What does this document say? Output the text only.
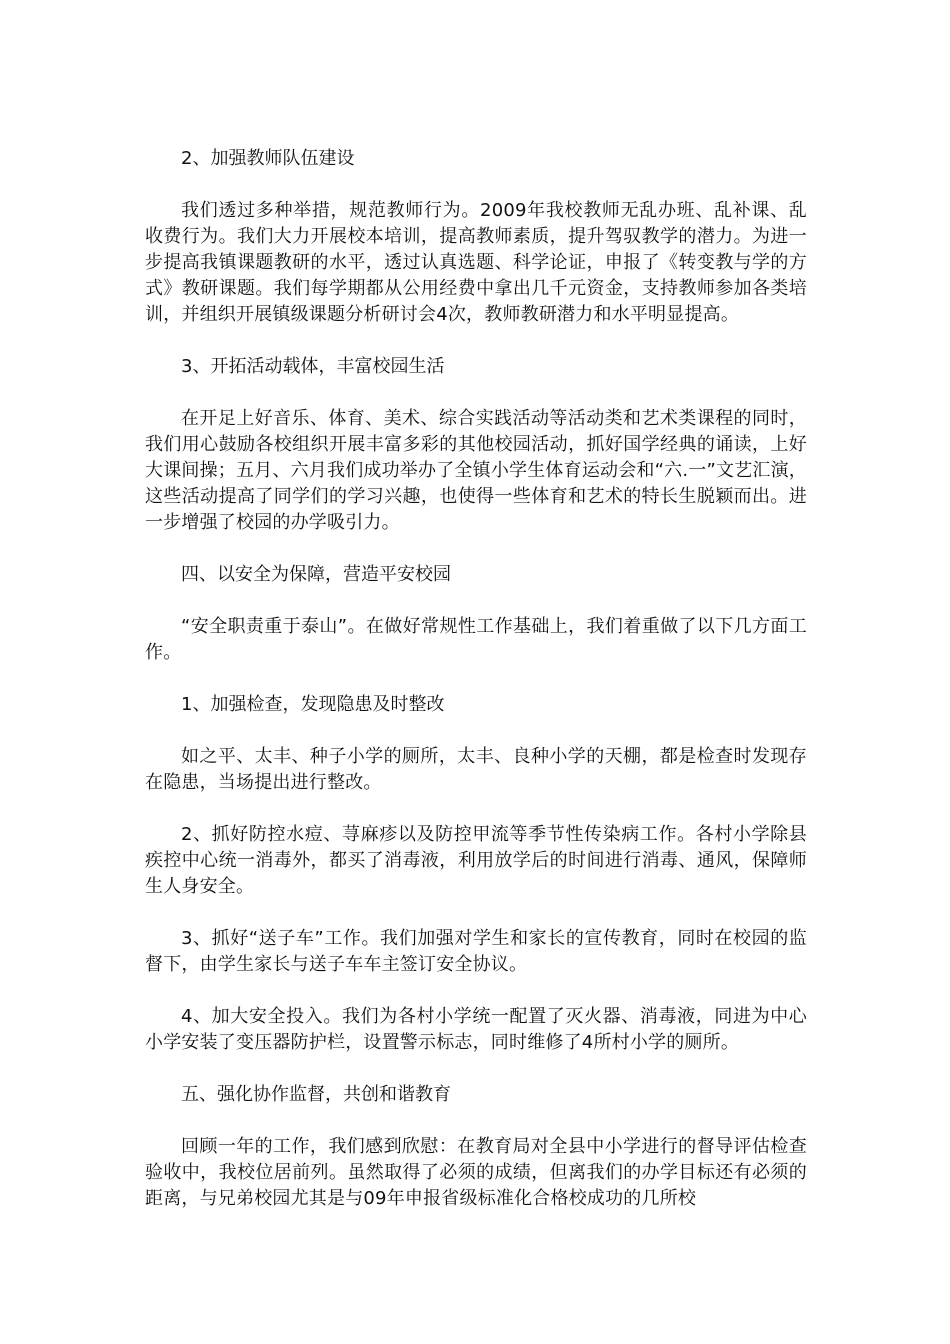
2、加强教师队伍建设

我们透过多种举措，规范教师行为。2009年我校教师无乱办班、乱补课、乱收费行为。我们大力开展校本培训，提高教师素质，提升驾驭教学的潜力。为进一步提高我镇课题教研的水平，透过认真选题、科学论证，申报了《转变教与学的方式》教研课题。我们每学期都从公用经费中拿出几千元资金，支持教师参加各类培训，并组织开展镇级课题分析研讨会4次，教师教研潜力和水平明显提高。

3、开拓活动载体，丰富校园生活

在开足上好音乐、体育、美术、综合实践活动等活动类和艺术类课程的同时，我们用心鼓励各校组织开展丰富多彩的其他校园活动，抓好国学经典的诵读，上好大课间操；五月、六月我们成功举办了全镇小学生体育运动会和“六.一”文艺汇演，这些活动提高了同学们的学习兴趣，也使得一些体育和艺术的特长生脱颖而出。进一步增强了校园的办学吸引力。

四、以安全为保障，营造平安校园

“安全职责重于泰山”。在做好常规性工作基础上，我们着重做了以下几方面工作。

1、加强检查，发现隐患及时整改

如之平、太丰、种子小学的厕所，太丰、良种小学的天棚，都是检查时发现存在隐患，当场提出进行整改。

2、抓好防控水痘、荨麻疹以及防控甲流等季节性传染病工作。各村小学除县疾控中心统一消毒外，都买了消毒液，利用放学后的时间进行消毒、通风，保障师生人身安全。

3、抓好“送子车”工作。我们加强对学生和家长的宣传教育，同时在校园的监督下，由学生家长与送子车车主签订安全协议。

4、加大安全投入。我们为各村小学统一配置了灭火器、消毒液，同进为中心小学安装了变压器防护栏，设置警示标志，同时维修了4所村小学的厕所。

五、强化协作监督，共创和谐教育

回顾一年的工作，我们感到欣慰：在教育局对全县中小学进行的督导评估检查验收中，我校位居前列。虽然取得了必须的成绩，但离我们的办学目标还有必须的距离，与兄弟校园尤其是与09年申报省级标准化合格校成功的几所校
